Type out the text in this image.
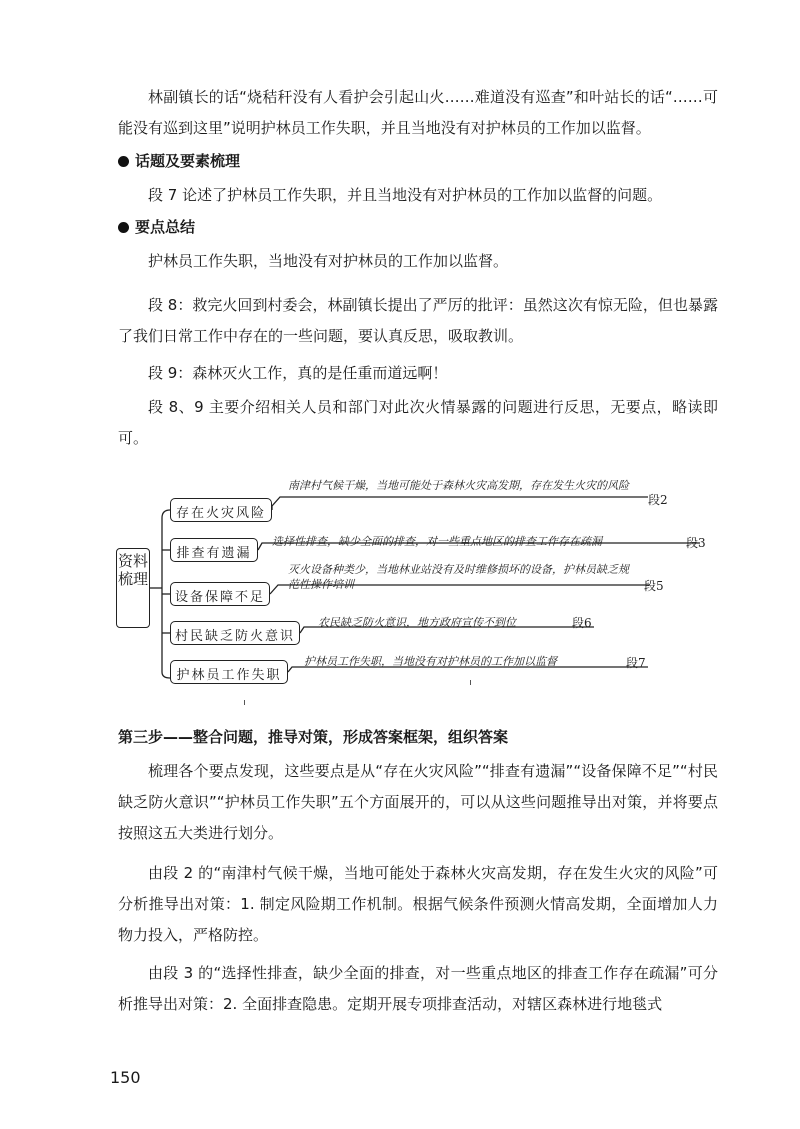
林副镇长的话“烧秸秆没有人看护会引起山火……难道没有巡查”和叶站长的话“……可能没有巡到这里”说明护林员工作失职，并且当地没有对护林员的工作加以监督。

话题及要素梳理

段 7 论述了护林员工作失职，并且当地没有对护林员的工作加以监督的问题。

要点总结

护林员工作失职，当地没有对护林员的工作加以监督。

段 8：救完火回到村委会，林副镇长提出了严厉的批评：虽然这次有惊无险，但也暴露了我们日常工作中存在的一些问题，要认真反思，吸取教训。

段 9：森林灭火工作，真的是任重而道远啊！

段 8、9 主要介绍相关人员和部门对此次火情暴露的问题进行反思，无要点，略读即可。

资料梳理
存在火灾风险
南津村气候干燥，当地可能处于森林火灾高发期，存在发生火灾的风险
段2
排查有遗漏
选择性排查，缺少全面的排查，对一些重点地区的排查工作存在疏漏	段3
设备保障不足
灭火设备种类少，当地林业站没有及时维修损坏的设备，护林员缺乏规范性操作培训	段5
村民缺乏防火意识
农民缺乏防火意识，地方政府宣传不到位	段6
护林员工作失职
护林员工作失职，当地没有对护林员的工作加以监督	段7

第三步——整合问题，推导对策，形成答案框架，组织答案

梳理各个要点发现，这些要点是从“存在火灾风险”“排查有遗漏”“设备保障不足”“村民缺乏防火意识”“护林员工作失职”五个方面展开的，可以从这些问题推导出对策，并将要点按照这五大类进行划分。

由段 2 的“南津村气候干燥，当地可能处于森林火灾高发期，存在发生火灾的风险”可分析推导出对策：1. 制定风险期工作机制。根据气候条件预测火情高发期，全面增加人力物力投入，严格防控。

由段 3 的“选择性排查，缺少全面的排查，对一些重点地区的排查工作存在疏漏”可分析推导出对策：2. 全面排查隐患。定期开展专项排查活动，对辖区森林进行地毯式

150
